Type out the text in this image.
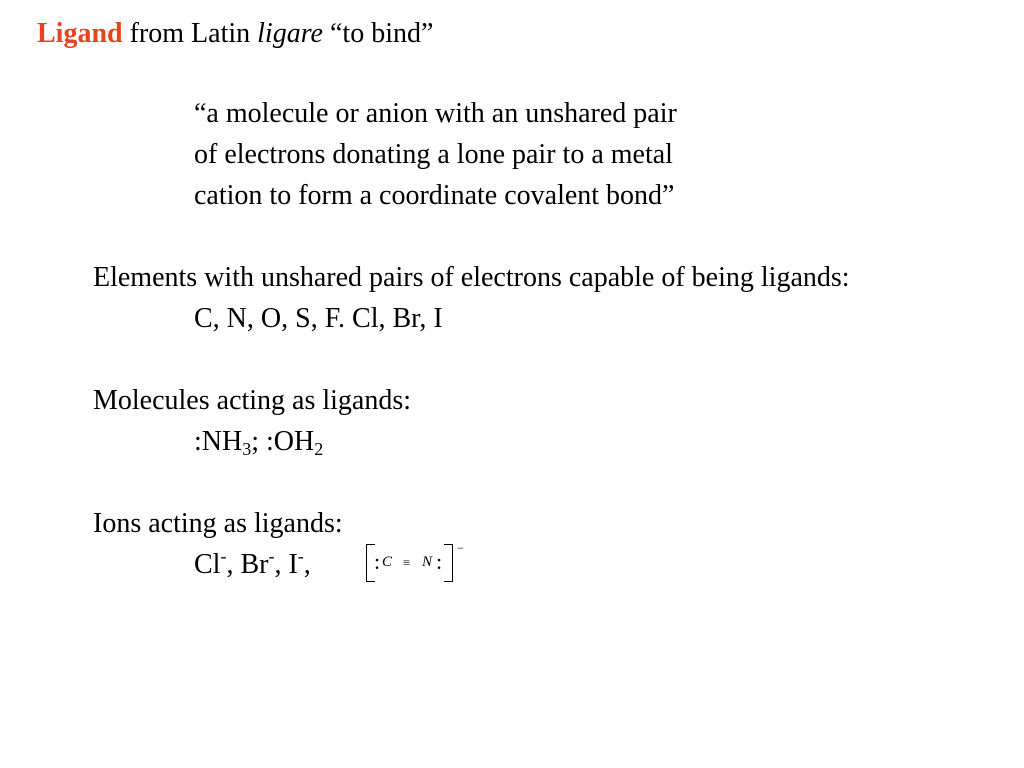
Ligand from Latin ligare “to bind”
“a molecule or anion with an unshared pair
of electrons donating a lone pair to a metal
cation to form a coordinate covalent bond”
Elements with unshared pairs of electrons capable of being ligands:
C, N, O, S, F. Cl, Br, I
Molecules acting as ligands:
$:NH_3$; $:OH_2$
Ions acting as ligands:
Cl-, Br-, I-,	: C ≡ N :
−
